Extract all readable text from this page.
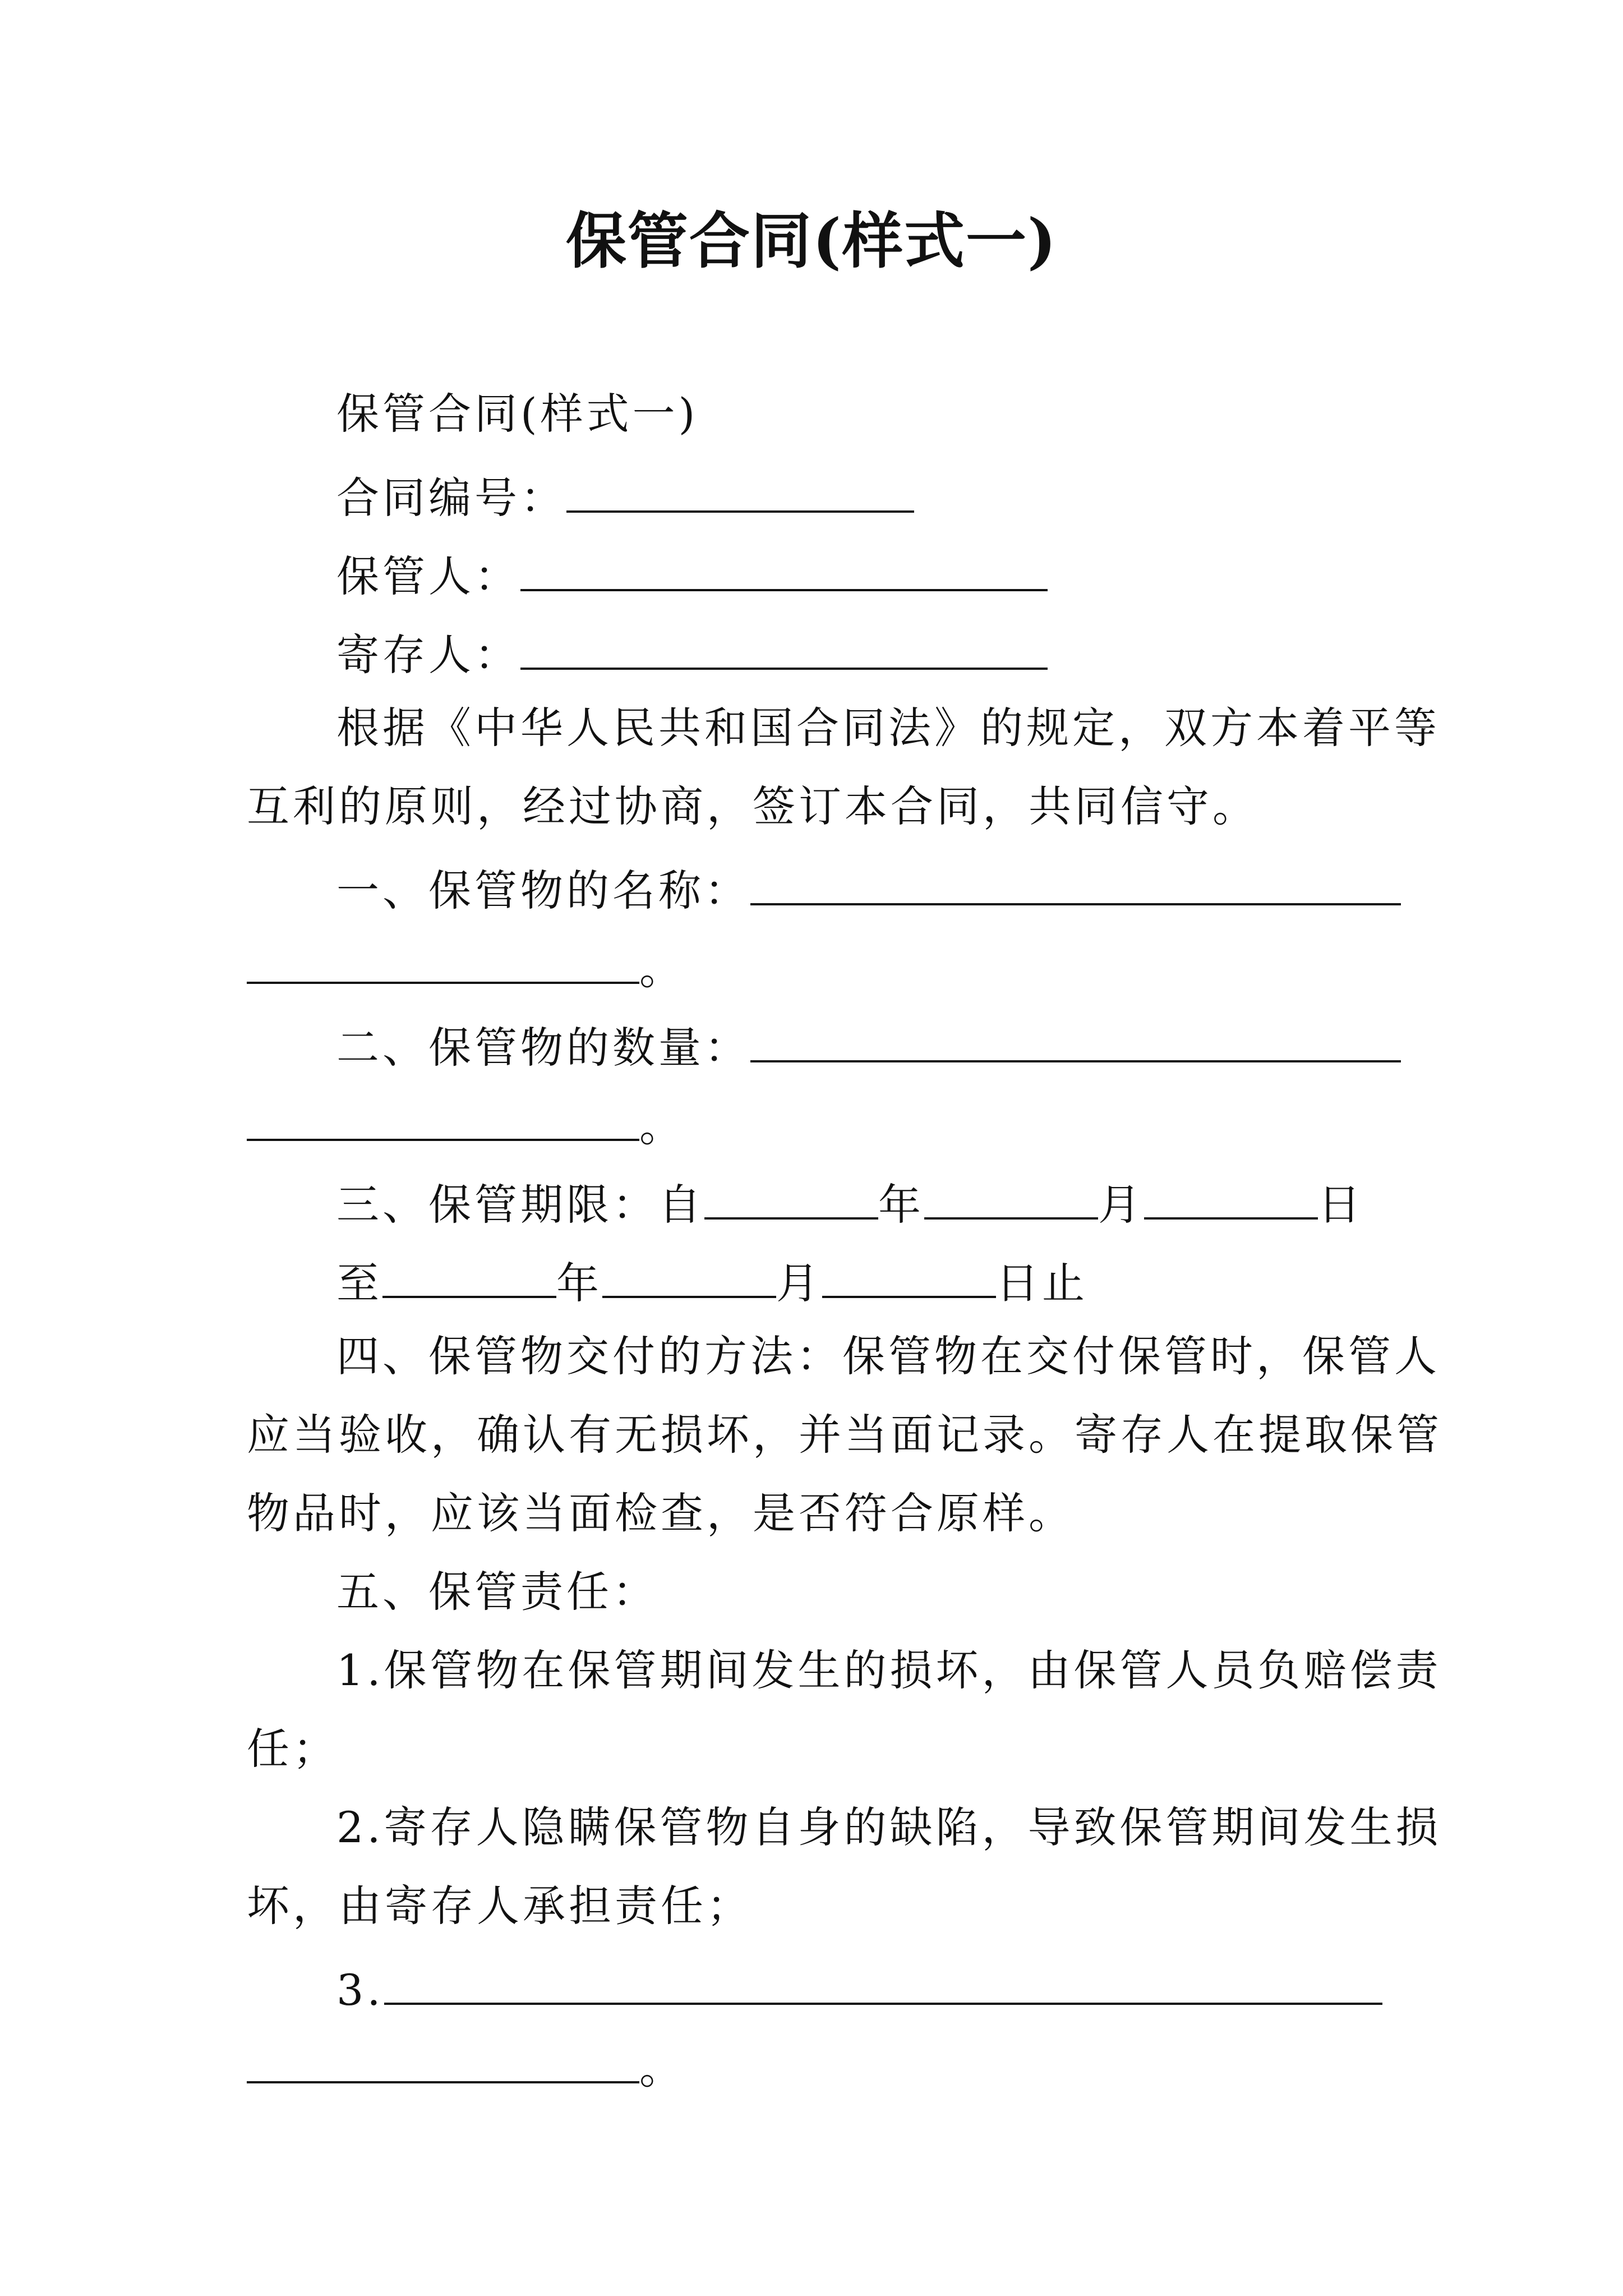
保管合同(样式一)
保管合同(样式一)
合同编号：
保管人：
寄存人：
根据《中华人民共和国合同法》的规定，双方本着平等
互利的原则，经过协商，签订本合同，共同信守。
一、保管物的名称：
。
二、保管物的数量：
。
三、保管期限：自	年	月	日
至	年	月	日止
四、保管物交付的方法：保管物在交付保管时，保管人
应当验收，确认有无损坏，并当面记录。寄存人在提取保管
物品时，应该当面检查，是否符合原样。
五、保管责任：
1.保管物在保管期间发生的损坏，由保管人员负赔偿责
任；
2.寄存人隐瞒保管物自身的缺陷，导致保管期间发生损
坏，由寄存人承担责任；
3.
。
